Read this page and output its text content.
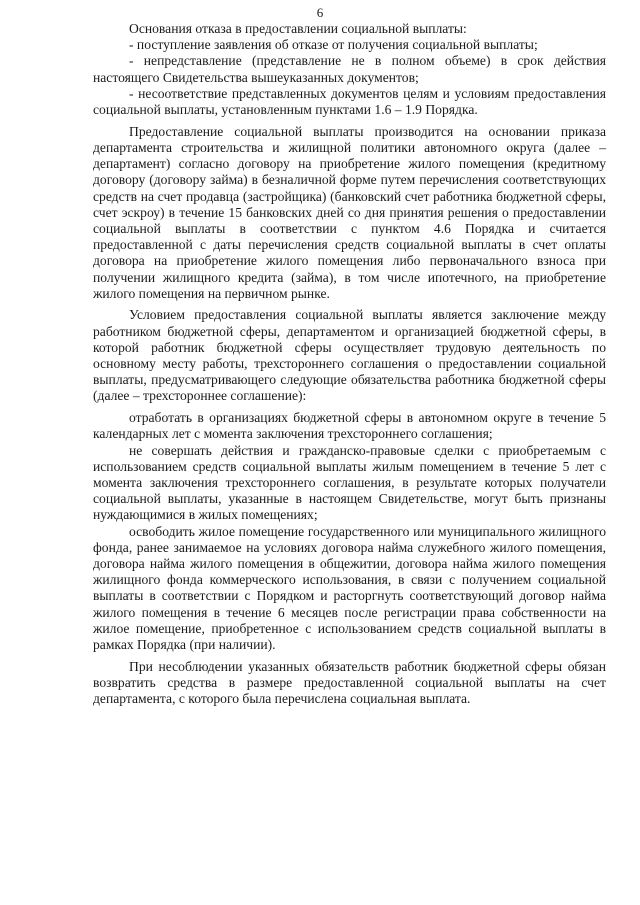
6

Основания отказа в предоставлении социальной выплаты:

- поступление заявления об отказе от получения социальной выплаты;

- непредставление (представление не в полном объеме) в срок действия настоящего Свидетельства вышеуказанных документов;

- несоответствие представленных документов целям и условиям предоставления социальной выплаты, установленным пунктами 1.6 – 1.9 Порядка.

Предоставление социальной выплаты производится на основании приказа департамента строительства и жилищной политики автономного округа (далее – департамент) согласно договору на приобретение жилого помещения (кредитному договору (договору займа) в безналичной форме путем перечисления соответствующих средств на счет продавца (застройщика) (банковский счет работника бюджетной сферы, счет эскроу) в течение 15 банковских дней со дня принятия решения о предоставлении социальной выплаты в соответствии с пунктом 4.6 Порядка и считается предоставленной с даты перечисления средств социальной выплаты в счет оплаты договора на приобретение жилого помещения либо первоначального взноса при получении жилищного кредита (займа), в том числе ипотечного, на приобретение жилого помещения на первичном рынке.

Условием предоставления социальной выплаты является заключение между работником бюджетной сферы, департаментом и организацией бюджетной сферы, в которой работник бюджетной сферы осуществляет трудовую деятельность по основному месту работы, трехстороннего соглашения о предоставлении социальной выплаты, предусматривающего следующие обязательства работника бюджетной сферы (далее – трехстороннее соглашение):

отработать в организациях бюджетной сферы в автономном округе в течение 5 календарных лет с момента заключения трехстороннего соглашения;

не совершать действия и гражданско-правовые сделки с приобретаемым с использованием средств социальной выплаты жилым помещением в течение 5 лет с момента заключения трехстороннего соглашения, в результате которых получатели социальной выплаты, указанные в настоящем Свидетельстве, могут быть признаны нуждающимися в жилых помещениях;

освободить жилое помещение государственного или муниципального жилищного фонда, ранее занимаемое на условиях договора найма служебного жилого помещения, договора найма жилого помещения в общежитии, договора найма жилого помещения жилищного фонда коммерческого использования, в связи с получением социальной выплаты в соответствии с Порядком и расторгнуть соответствующий договор найма жилого помещения в течение 6 месяцев после регистрации права собственности на жилое помещение, приобретенное с использованием средств социальной выплаты в рамках Порядка (при наличии).

При несоблюдении указанных обязательств работник бюджетной сферы обязан возвратить средства в размере предоставленной социальной выплаты на счет департамента, с которого была перечислена социальная выплата.
